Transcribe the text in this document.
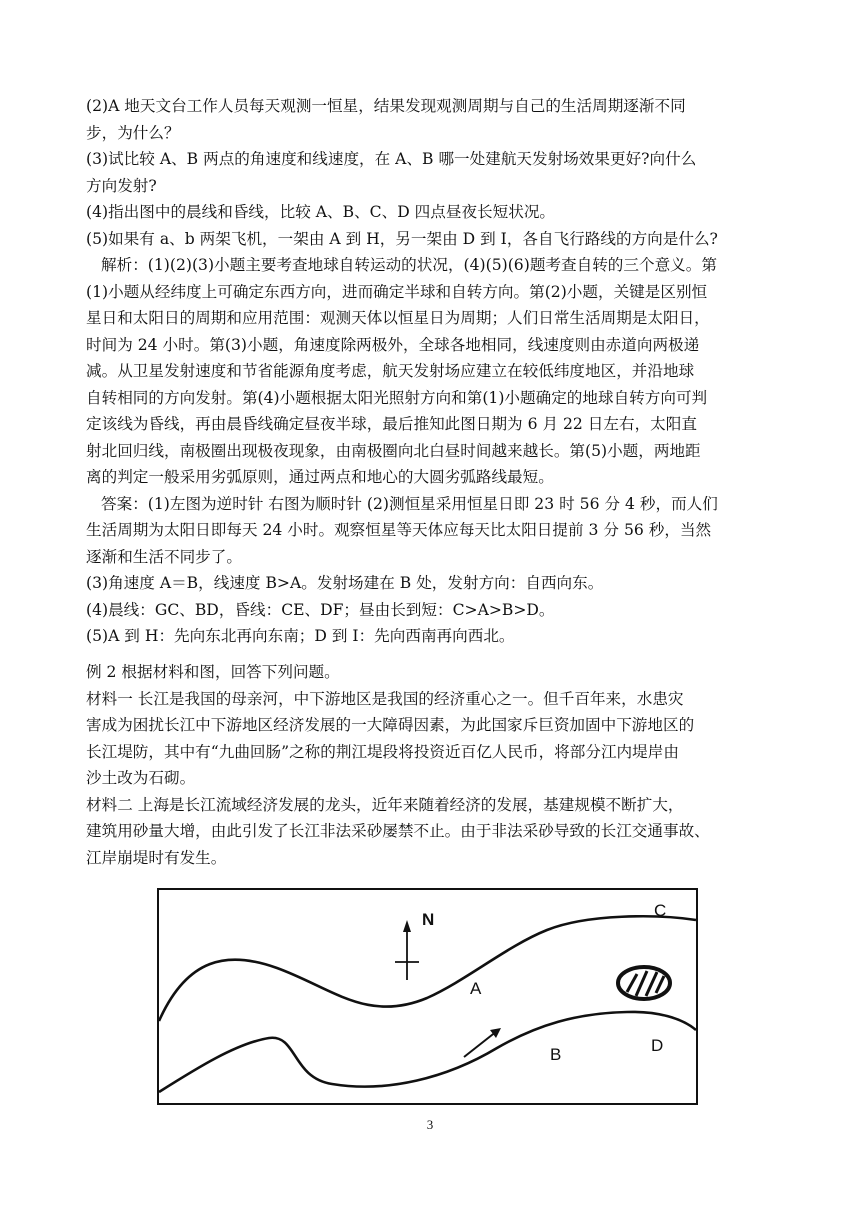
(2)A 地天文台工作人员每天观测一恒星，结果发现观测周期与自己的生活周期逐渐不同
步，为什么？
(3)试比较 A、B 两点的角速度和线速度，在 A、B 哪一处建航天发射场效果更好?向什么
方向发射?
(4)指出图中的晨线和昏线，比较 A、B、C、D 四点昼夜长短状况。
(5)如果有 a、b 两架飞机，一架由 A 到 H，另一架由 D 到 I，各自飞行路线的方向是什么?
解析：(1)(2)(3)小题主要考查地球自转运动的状况，(4)(5)(6)题考查自转的三个意义。第
(1)小题从经纬度上可确定东西方向，进而确定半球和自转方向。第(2)小题，关键是区别恒
星日和太阳日的周期和应用范围：观测天体以恒星日为周期；人们日常生活周期是太阳日，
时间为 24 小时。第(3)小题，角速度除两极外，全球各地相同，线速度则由赤道向两极递
减。从卫星发射速度和节省能源角度考虑，航天发射场应建立在较低纬度地区，并沿地球
自转相同的方向发射。第(4)小题根据太阳光照射方向和第(1)小题确定的地球自转方向可判
定该线为昏线，再由晨昏线确定昼夜半球，最后推知此图日期为 6 月 22 日左右，太阳直
射北回归线，南极圈出现极夜现象，由南极圈向北白昼时间越来越长。第(5)小题，两地距
离的判定一般采用劣弧原则，通过两点和地心的大圆劣弧路线最短。
答案：(1)左图为逆时针 右图为顺时针 (2)测恒星采用恒星日即 23 时 56 分 4 秒，而人们
生活周期为太阳日即每天 24 小时。观察恒星等天体应每天比太阳日提前 3 分 56 秒，当然
逐渐和生活不同步了。
(3)角速度 A＝B，线速度 B>A。发射场建在 B 处，发射方向：自西向东。
(4)晨线：GC、BD，昏线：CE、DF；昼由长到短：C>A>B>D。
(5)A 到 H：先向东北再向东南；D 到 I：先向西南再向西北。
例 2 根据材料和图，回答下列问题。
材料一 长江是我国的母亲河，中下游地区是我国的经济重心之一。但千百年来，水患灾
害成为困扰长江中下游地区经济发展的一大障碍因素，为此国家斥巨资加固中下游地区的
长江堤防，其中有“九曲回肠”之称的荆江堤段将投资近百亿人民币，将部分江内堤岸由
沙土改为石砌。
材料二 上海是长江流域经济发展的龙头，近年来随着经济的发展，基建规模不断扩大，
建筑用砂量大增，由此引发了长江非法采砂屡禁不止。由于非法采砂导致的长江交通事故、
江岸崩堤时有发生。
N
A
B
C
D
3
